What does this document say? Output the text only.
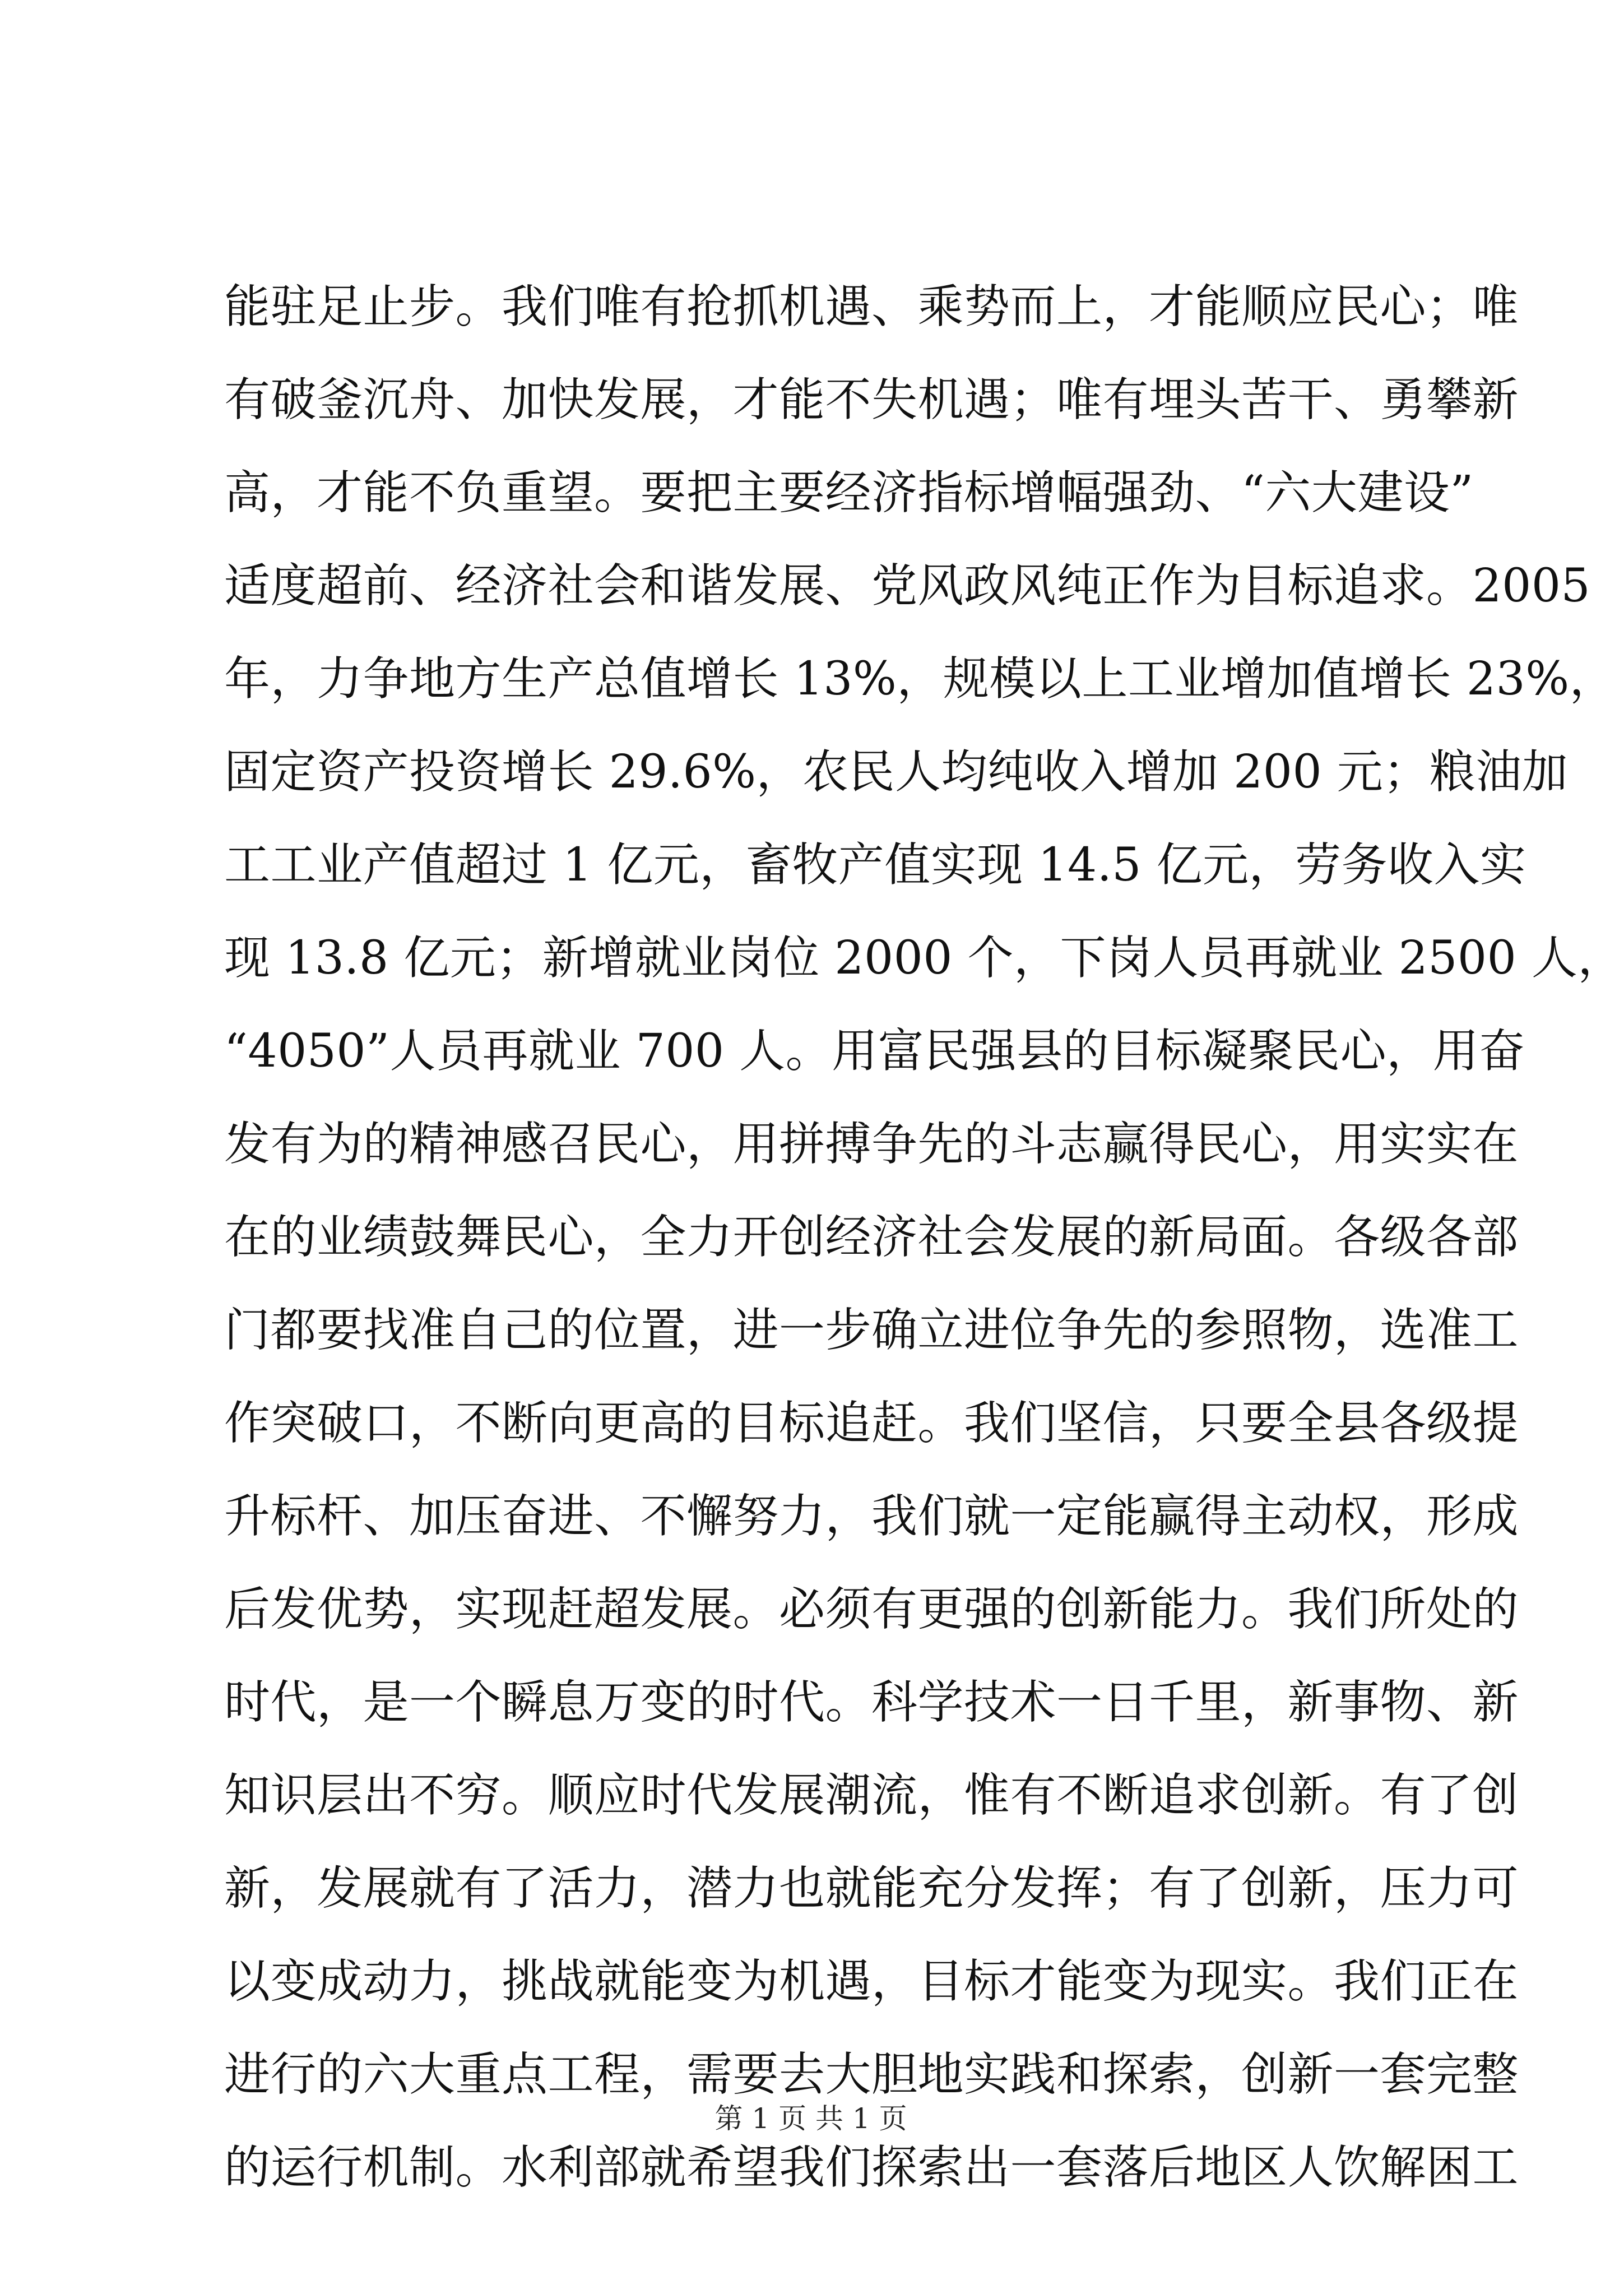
能驻足止步。我们唯有抢抓机遇、乘势而上，才能顺应民心；唯
有破釜沉舟、加快发展，才能不失机遇；唯有埋头苦干、勇攀新
高，才能不负重望。要把主要经济指标增幅强劲、“六大建设”
适度超前、经济社会和谐发展、党风政风纯正作为目标追求。2005
年，力争地方生产总值增长 13%，规模以上工业增加值增长 23%，
固定资产投资增长 29.6%，农民人均纯收入增加 200 元；粮油加
工工业产值超过 1 亿元，畜牧产值实现 14.5 亿元，劳务收入实
现 13.8 亿元；新增就业岗位 2000 个，下岗人员再就业 2500 人，
“4050”人员再就业 700 人。用富民强县的目标凝聚民心，用奋
发有为的精神感召民心，用拼搏争先的斗志赢得民心，用实实在
在的业绩鼓舞民心，全力开创经济社会发展的新局面。各级各部
门都要找准自己的位置，进一步确立进位争先的参照物，选准工
作突破口，不断向更高的目标追赶。我们坚信，只要全县各级提
升标杆、加压奋进、不懈努力，我们就一定能赢得主动权，形成
后发优势，实现赶超发展。必须有更强的创新能力。我们所处的
时代，是一个瞬息万变的时代。科学技术一日千里，新事物、新
知识层出不穷。顺应时代发展潮流，惟有不断追求创新。有了创
新，发展就有了活力，潜力也就能充分发挥；有了创新，压力可
以变成动力，挑战就能变为机遇，目标才能变为现实。我们正在
进行的六大重点工程，需要去大胆地实践和探索，创新一套完整
的运行机制。水利部就希望我们探索出一套落后地区人饮解困工
第 1 页 共 1 页
